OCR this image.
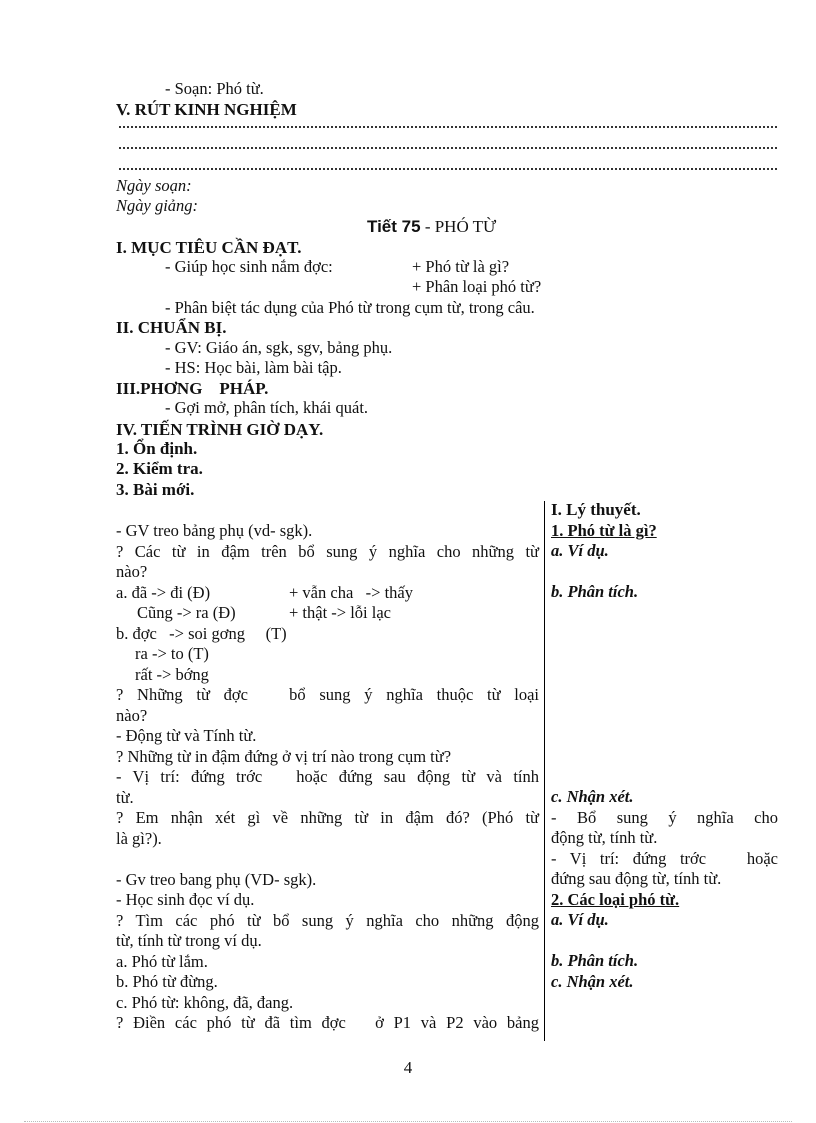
- Soạn: Phó từ.
V. RÚT KINH NGHIỆM
Ngày soạn:
Ngày giảng:
Tiết 75 - PHÓ TỪ
I. MỤC TIÊU CẦN ĐẠT.
- Giúp học sinh nắm đợc:	+ Phó từ là gì?
+ Phân loại phó từ?
- Phân biệt tác dụng của Phó từ trong cụm từ, trong câu.
II. CHUẨN BỊ.
- GV: Giáo án, sgk, sgv, bảng phụ.
- HS: Học bài, làm bài tập.
III.PHƠNG    PHÁP.
- Gợi mở, phân tích, khái quát.
IV. TIẾN TRÌNH GIỜ DẠY.
1. Ổn định.
2. Kiểm tra.
3. Bài mới.
- GV treo bảng phụ (vd- sgk).
? Các từ in đậm trên bổ sung ý nghĩa cho những từ
nào?
a. đã -> đi (Đ)	+ vẫn cha   -> thấy
Cũng -> ra (Đ)	+ thật -> lỗi lạc
b. đợc   -> soi gơng     (T)
ra -> to (T)
rất -> bớng
? Những từ đợc   bổ sung ý nghĩa thuộc từ loại
nào?
- Động từ và Tính từ.
? Những từ in đậm đứng ở vị trí nào trong cụm từ?
- Vị trí: đứng trớc   hoặc đứng sau động từ và tính
từ.
? Em nhận xét gì về những từ in đậm đó? (Phó từ
là gì?).

- Gv treo bang phụ (VD- sgk).
- Học sinh đọc ví dụ.
? Tìm các phó từ bổ sung ý nghĩa cho những động
từ, tính từ trong ví dụ.
a. Phó từ lắm.
b. Phó từ đừng.
c. Phó từ: không, đã, đang.
? Điền các phó từ đã tìm đợc   ở P1 và P2 vào bảng
I. Lý thuyết.
1. Phó từ là gì?
a. Ví dụ.

b. Phân tích.

c. Nhận xét.
- Bổ sung ý nghĩa cho
động từ, tính từ.
- Vị trí: đứng trớc   hoặc
đứng sau động từ, tính từ.
2. Các loại phó từ.
a. Ví dụ.

b. Phân tích.
c. Nhận xét.
4
